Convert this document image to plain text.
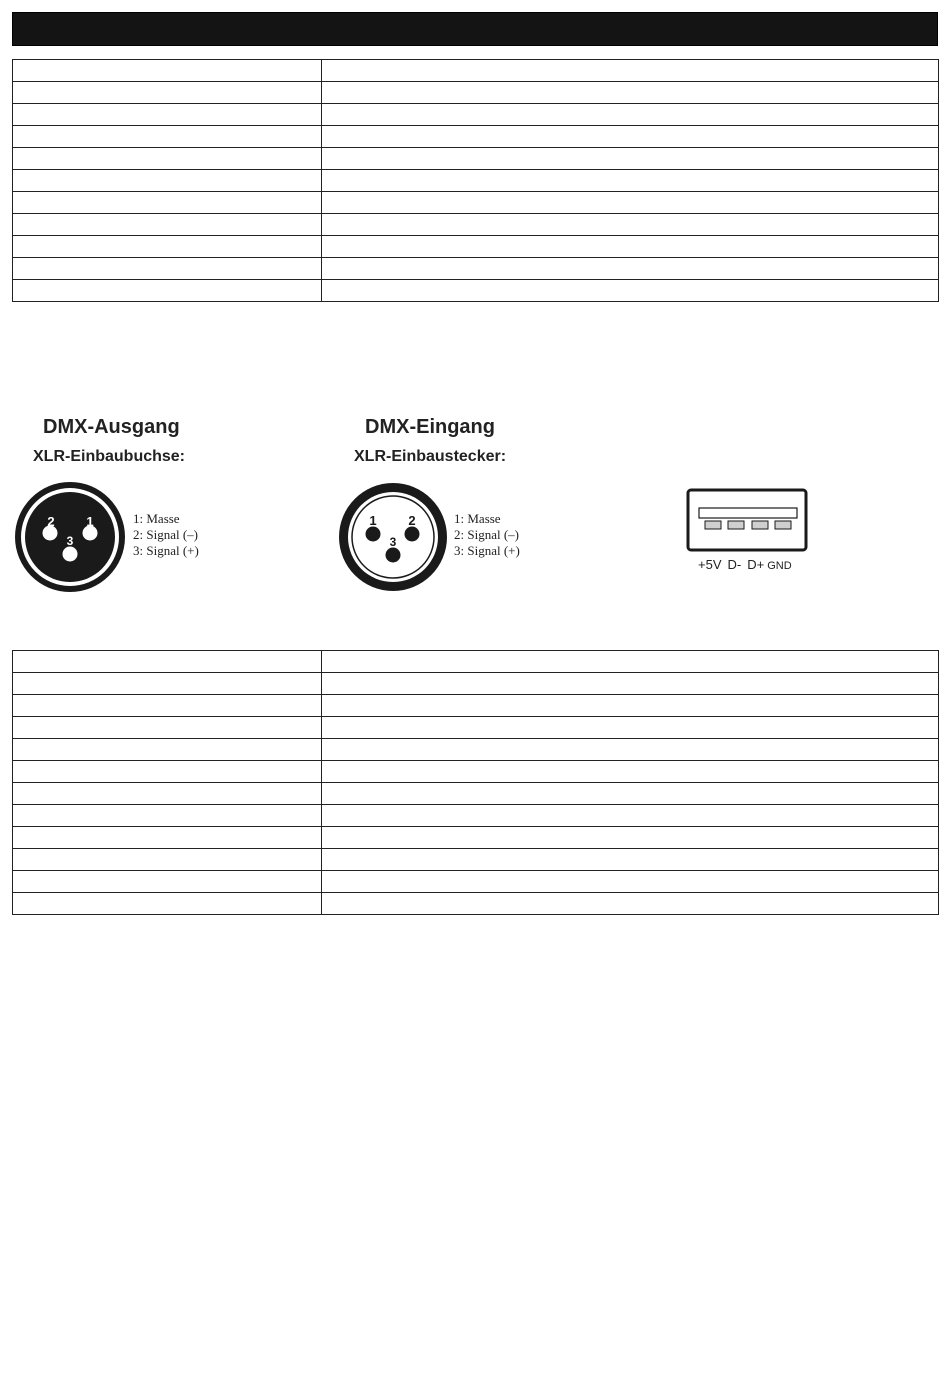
DMX-Ausgang
XLR-Einbaubuchse:
2 1
3
1: Masse
2: Signal (–)
3: Signal (+)
DMX-Eingang
XLR-Einbaustecker:
1 2
3
1: Masse
2: Signal (–)
3: Signal (+)
+5V D- D+ GND
